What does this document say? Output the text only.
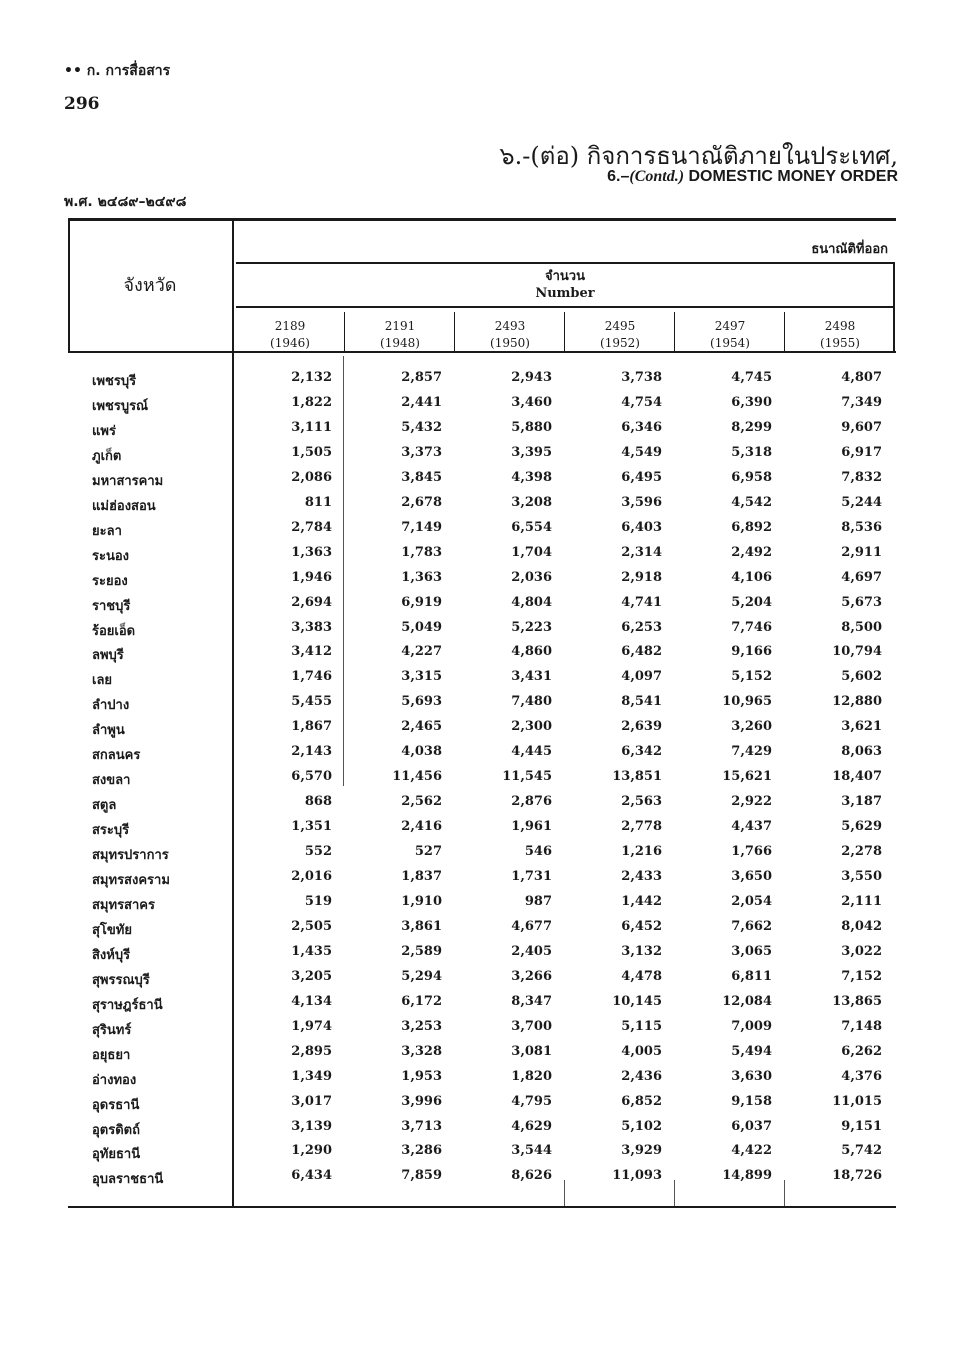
•• ก. การสื่อสาร
296
๖.-(ต่อ) กิจการธนาณัติภายในประเทศ,
6.–(Contd.) DOMESTIC MONEY ORDER
พ.ศ. ๒๔๘๙–๒๔๙๘
จังหวัด
ธนาณัติที่ออก
จำนวน
Number
2189
(1946)
2191
(1948)
2493
(1950)
2495
(1952)
2497
(1954)
2498
(1955)
เพชรบุรี	2,132	2,857	2,943	3,738	4,745	4,807
เพชรบูรณ์	1,822	2,441	3,460	4,754	6,390	7,349
แพร่	3,111	5,432	5,880	6,346	8,299	9,607
ภูเก็ต	1,505	3,373	3,395	4,549	5,318	6,917
มหาสารคาม	2,086	3,845	4,398	6,495	6,958	7,832
แม่ฮ่องสอน	811	2,678	3,208	3,596	4,542	5,244
ยะลา	2,784	7,149	6,554	6,403	6,892	8,536
ระนอง	1,363	1,783	1,704	2,314	2,492	2,911
ระยอง	1,946	1,363	2,036	2,918	4,106	4,697
ราชบุรี	2,694	6,919	4,804	4,741	5,204	5,673
ร้อยเอ็ด	3,383	5,049	5,223	6,253	7,746	8,500
ลพบุรี	3,412	4,227	4,860	6,482	9,166	10,794
เลย	1,746	3,315	3,431	4,097	5,152	5,602
ลำปาง	5,455	5,693	7,480	8,541	10,965	12,880
ลำพูน	1,867	2,465	2,300	2,639	3,260	3,621
สกลนคร	2,143	4,038	4,445	6,342	7,429	8,063
สงขลา	6,570	11,456	11,545	13,851	15,621	18,407
สตูล	868	2,562	2,876	2,563	2,922	3,187
สระบุรี	1,351	2,416	1,961	2,778	4,437	5,629
สมุทรปราการ	552	527	546	1,216	1,766	2,278
สมุทรสงคราม	2,016	1,837	1,731	2,433	3,650	3,550
สมุทรสาคร	519	1,910	987	1,442	2,054	2,111
สุโขทัย	2,505	3,861	4,677	6,452	7,662	8,042
สิงห์บุรี	1,435	2,589	2,405	3,132	3,065	3,022
สุพรรณบุรี	3,205	5,294	3,266	4,478	6,811	7,152
สุราษฎร์ธานี	4,134	6,172	8,347	10,145	12,084	13,865
สุรินทร์	1,974	3,253	3,700	5,115	7,009	7,148
อยุธยา	2,895	3,328	3,081	4,005	5,494	6,262
อ่างทอง	1,349	1,953	1,820	2,436	3,630	4,376
อุดรธานี	3,017	3,996	4,795	6,852	9,158	11,015
อุตรดิตถ์	3,139	3,713	4,629	5,102	6,037	9,151
อุทัยธานี	1,290	3,286	3,544	3,929	4,422	5,742
อุบลราชธานี	6,434	7,859	8,626	11,093	14,899	18,726
